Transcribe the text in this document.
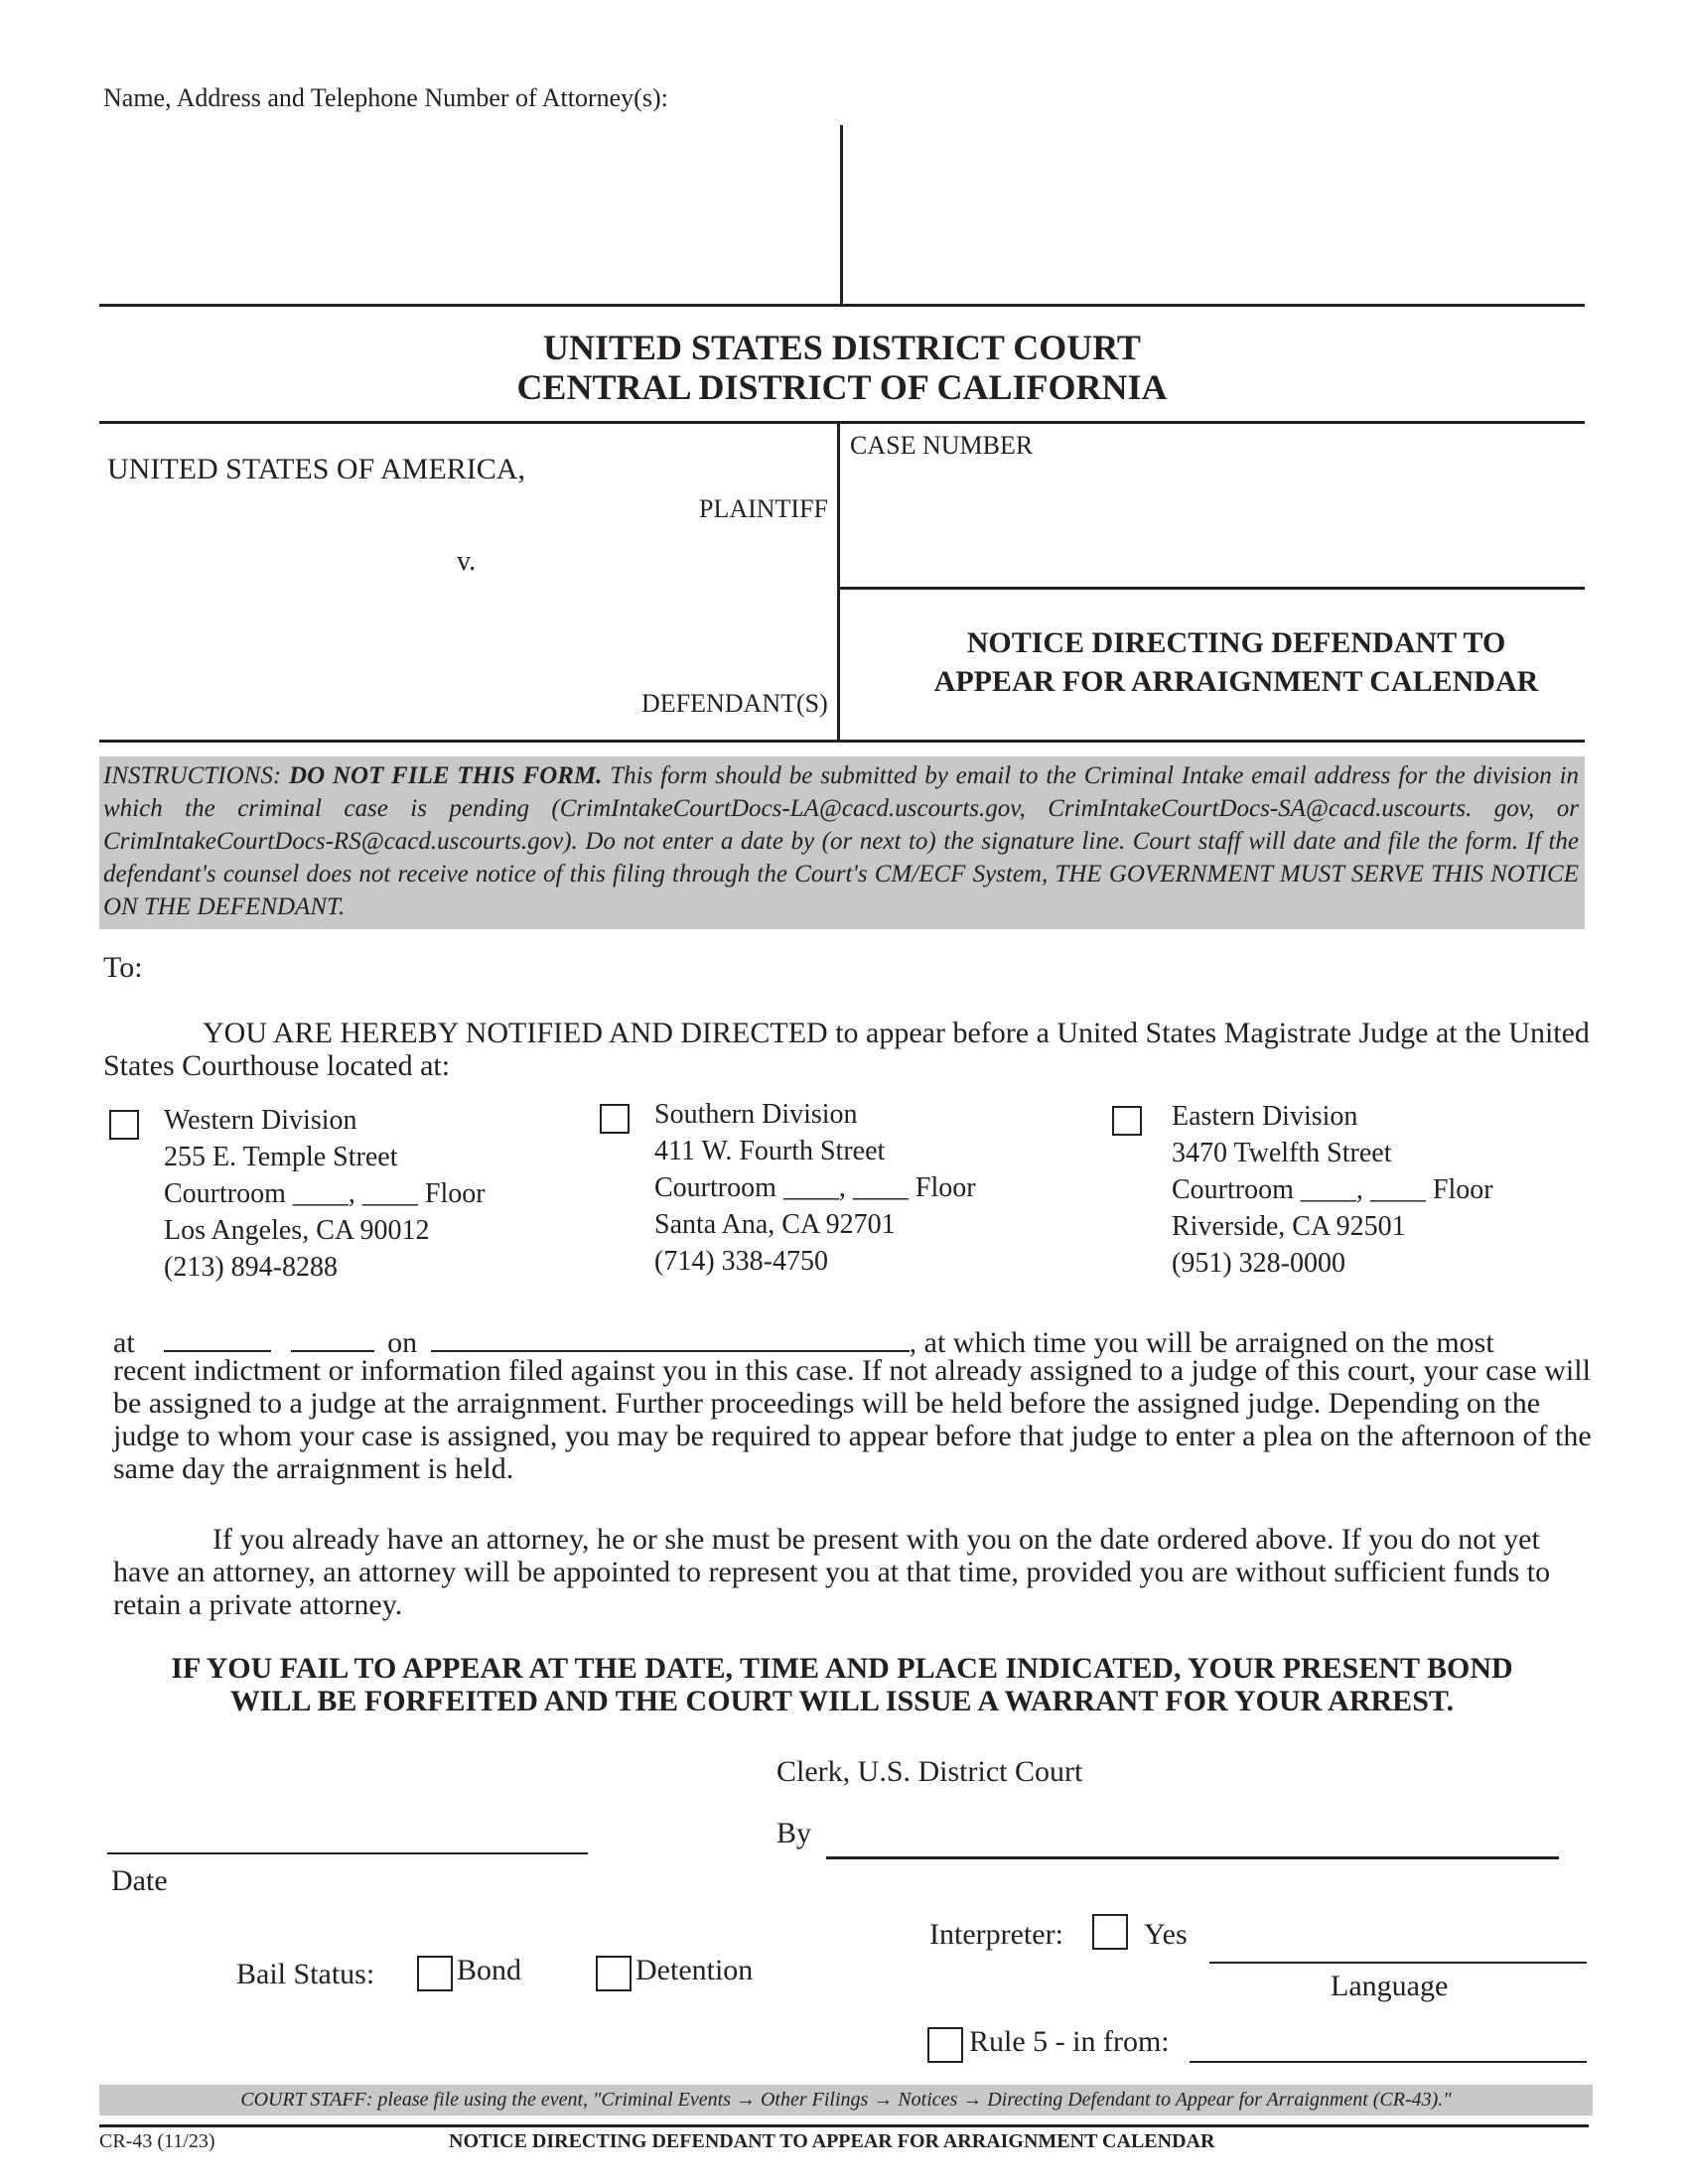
Name, Address and Telephone Number of Attorney(s):
UNITED STATES DISTRICT COURT
CENTRAL DISTRICT OF CALIFORNIA
UNITED STATES OF AMERICA,
PLAINTIFF
v.
DEFENDANT(S)
CASE NUMBER
NOTICE DIRECTING DEFENDANT TO
APPEAR FOR ARRAIGNMENT CALENDAR
INSTRUCTIONS: DO NOT FILE THIS FORM. This form should be submitted by email to the Criminal Intake email address for the division in which the criminal case is pending (CrimIntakeCourtDocs-LA@cacd.uscourts.gov, CrimIntakeCourtDocs-SA@cacd.uscourts. gov, or CrimIntakeCourtDocs-RS@cacd.uscourts.gov). Do not enter a date by (or next to) the signature line. Court staff will date and file the form. If the defendant's counsel does not receive notice of this filing through the Court's CM/ECF System, THE GOVERNMENT MUST SERVE THIS NOTICE ON THE DEFENDANT.
To:
YOU ARE HEREBY NOTIFIED AND DIRECTED to appear before a United States Magistrate Judge at the United States Courthouse located at:
Western Division
255 E. Temple Street
Courtroom ____, ____ Floor
Los Angeles, CA 90012
(213) 894-8288
Southern Division
411 W. Fourth Street
Courtroom ____, ____ Floor
Santa Ana, CA 92701
(714) 338-4750
Eastern Division
3470 Twelfth Street
Courtroom ____, ____ Floor
Riverside, CA 92501
(951) 328-0000
at	on	, at which time you will be arraigned on the most
recent indictment or information filed against you in this case. If not already assigned to a judge of this court, your case will be assigned to a judge at the arraignment. Further proceedings will be held before the assigned judge. Depending on the judge to whom your case is assigned, you may be required to appear before that judge to enter a plea on the afternoon of the same day the arraignment is held.
If you already have an attorney, he or she must be present with you on the date ordered above. If you do not yet have an attorney, an attorney will be appointed to represent you at that time, provided you are without sufficient funds to retain a private attorney.
IF YOU FAIL TO APPEAR AT THE DATE, TIME AND PLACE INDICATED, YOUR PRESENT BOND
WILL BE FORFEITED AND THE COURT WILL ISSUE A WARRANT FOR YOUR ARREST.
Clerk, U.S. District Court
By
Date
Interpreter:	Yes
Language
Bail Status:	Bond	Detention
Rule 5 - in from:
COURT STAFF: please file using the event, "Criminal Events → Other Filings → Notices → Directing Defendant to Appear for Arraignment (CR-43)."
CR-43 (11/23)	NOTICE DIRECTING DEFENDANT TO APPEAR FOR ARRAIGNMENT CALENDAR
